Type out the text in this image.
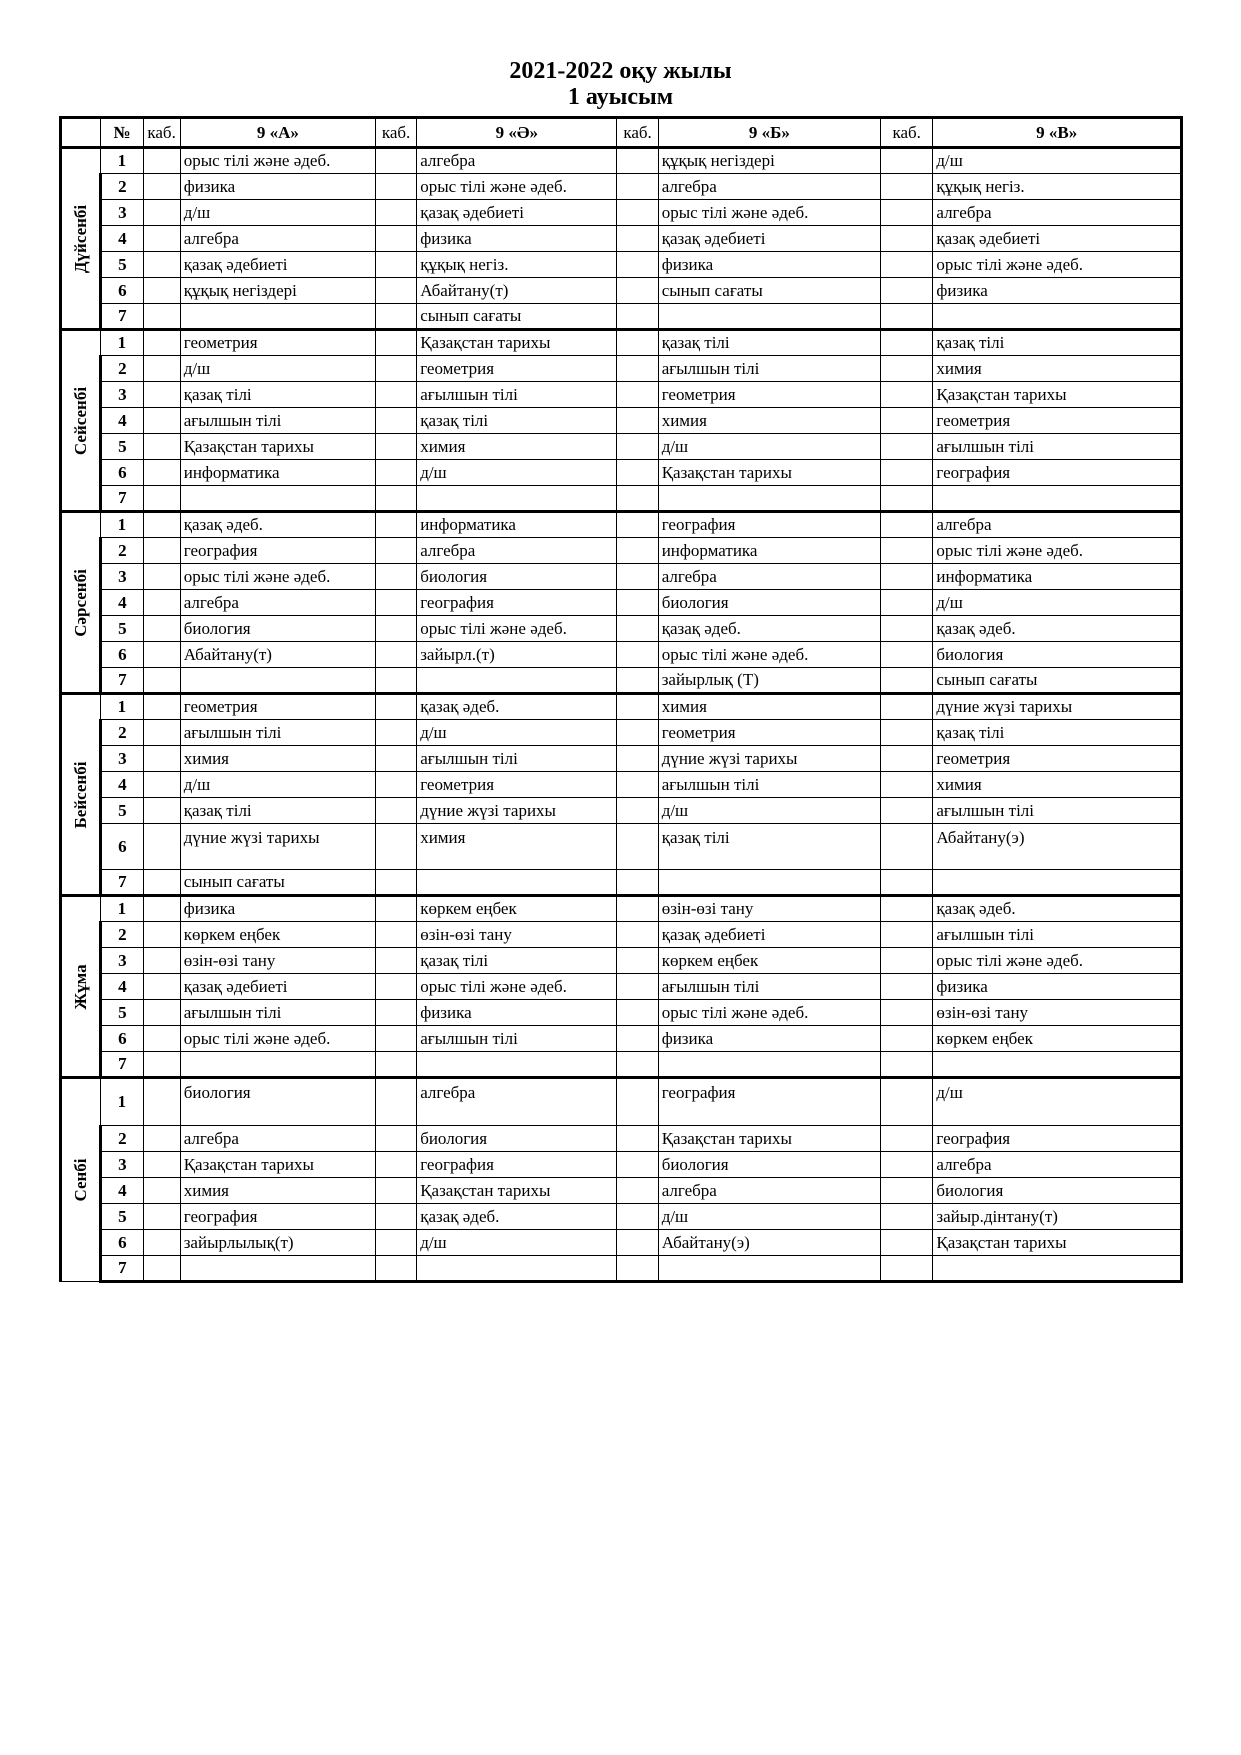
2021-2022 оқу жылы
1 ауысым
	№	каб.	9 «А»	каб.	9 «Ә»	каб.	9 «Б»	каб.	9 «В»

Дүйсенбі	1		орыс тілі және әдеб.		алгебра		құқық негіздері		д/ш
	2		физика		орыс тілі және әдеб.		алгебра		құқық негіз.
	3		д/ш		қазақ әдебиеті		орыс тілі және әдеб.		алгебра
	4		алгебра		физика		қазақ әдебиеті		қазақ әдебиеті
	5		қазақ әдебиеті		құқық негіз.		физика		орыс тілі және әдеб.
	6		құқық негіздері		Абайтану(т)		сынып сағаты		физика
	7				сынып сағаты				

Сейсенбі	1		геометрия		Қазақстан тарихы		қазақ тілі		қазақ тілі
	2		д/ш		геометрия		ағылшын тілі		химия
	3		қазақ тілі		ағылшын тілі		геометрия		Қазақстан тарихы
	4		ағылшын тілі		қазақ тілі		химия		геометрия
	5		Қазақстан тарихы		химия		д/ш		ағылшын тілі
	6		информатика		д/ш		Қазақстан тарихы		география
	7								

Сәрсенбі	1		қазақ әдеб.		информатика		география		алгебра
	2		география		алгебра		информатика		орыс тілі және әдеб.
	3		орыс тілі және әдеб.		биология		алгебра		информатика
	4		алгебра		география		биология		д/ш
	5		биология		орыс тілі және әдеб.		қазақ әдеб.		қазақ әдеб.
	6		Абайтану(т)		зайырл.(т)		орыс тілі және әдеб.		биология
	7						зайырлық (Т)		сынып сағаты

Бейсенбі	1		геометрия		қазақ әдеб.		химия		дүние жүзі тарихы
	2		ағылшын тілі		д/ш		геометрия		қазақ тілі
	3		химия		ағылшын тілі		дүние жүзі тарихы		геометрия
	4		д/ш		геометрия		ағылшын тілі		химия
	5		қазақ тілі		дүние жүзі тарихы		д/ш		ағылшын тілі
	6		дүние жүзі тарихы		химия		қазақ тілі		Абайтану(э)
	7		сынып сағаты						

Жұма	1		физика		көркем еңбек		өзін-өзі тану		қазақ әдеб.
	2		көркем еңбек		өзін-өзі тану		қазақ әдебиеті		ағылшын тілі
	3		өзін-өзі тану		қазақ тілі		көркем еңбек		орыс тілі және әдеб.
	4		қазақ әдебиеті		орыс тілі және әдеб.		ағылшын тілі		физика
	5		ағылшын тілі		физика		орыс тілі және әдеб.		өзін-өзі тану
	6		орыс тілі және әдеб.		ағылшын тілі		физика		көркем еңбек
	7								

Сенбі	1		биология		алгебра		география		д/ш
	2		алгебра		биология		Қазақстан тарихы		география
	3		Қазақстан тарихы		география		биология		алгебра
	4		химия		Қазақстан тарихы		алгебра		биология
	5		география		қазақ әдеб.		д/ш		зайыр.дінтану(т)
	6		зайырлылық(т)		д/ш		Абайтану(э)		Қазақстан тарихы
	7								
